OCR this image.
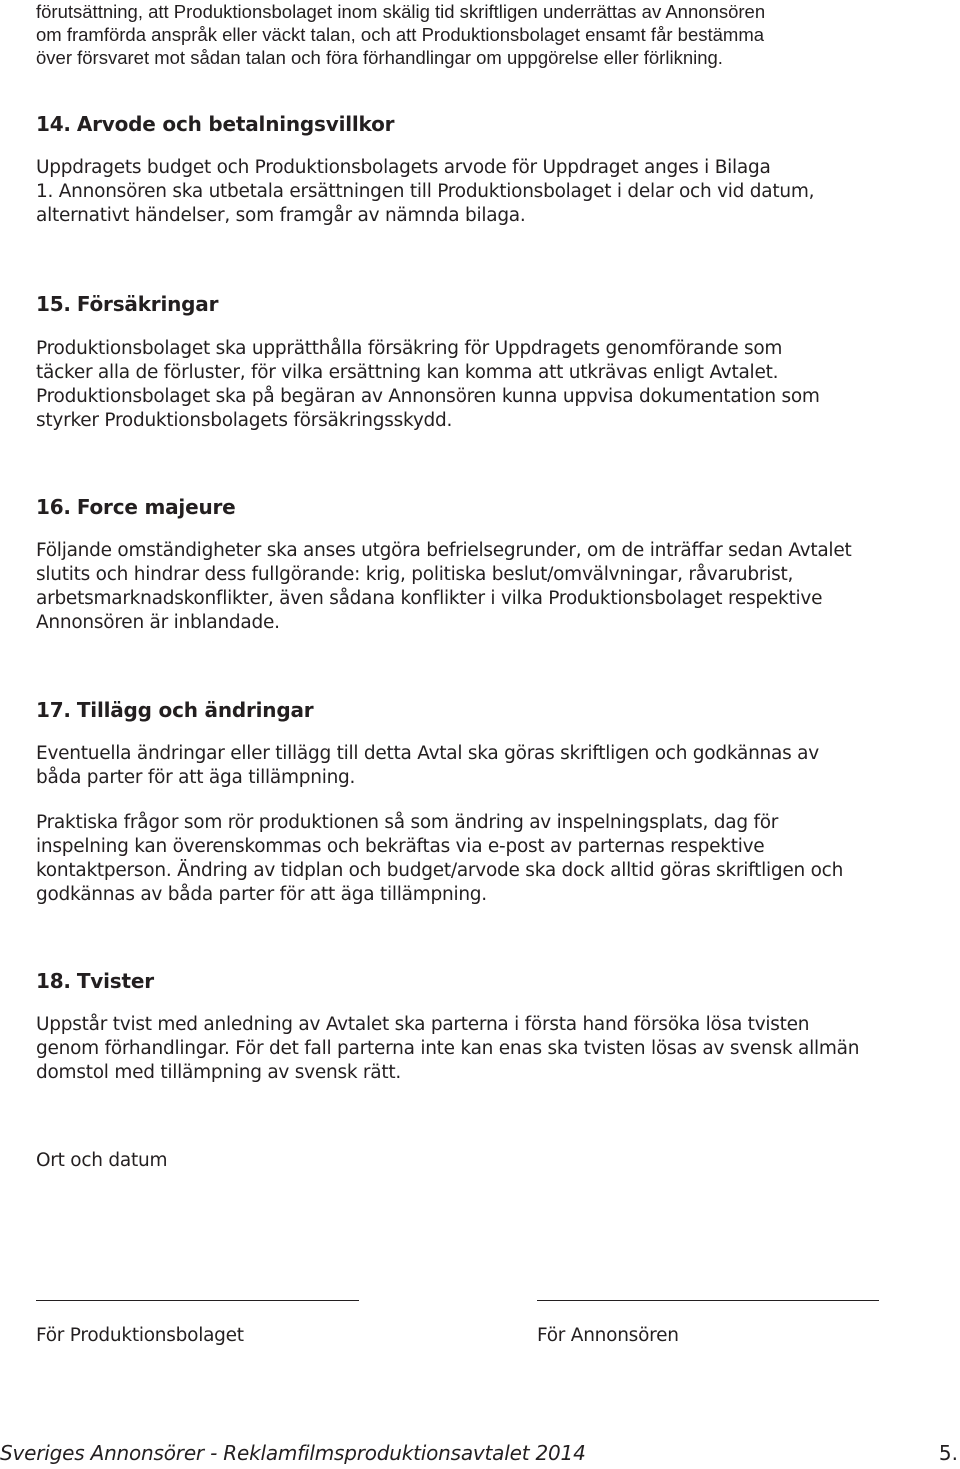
förutsättning, att Produktionsbolaget inom skälig tid skriftligen underrättas av Annonsören
om framförda anspråk eller väckt talan, och att Produktionsbolaget ensamt får bestämma
över försvaret mot sådan talan och föra förhandlingar om uppgörelse eller förlikning.
14. Arvode och betalningsvillkor
Uppdragets budget och Produktionsbolagets arvode för Uppdraget anges i Bilaga
1. Annonsören ska utbetala ersättningen till Produktionsbolaget i delar och vid datum,
alternativt händelser, som framgår av nämnda bilaga.
15. Försäkringar
Produktionsbolaget ska upprätthålla försäkring för Uppdragets genomförande som
täcker alla de förluster, för vilka ersättning kan komma att utkrävas enligt Avtalet.
Produktionsbolaget ska på begäran av Annonsören kunna uppvisa dokumentation som
styrker Produktionsbolagets försäkringsskydd.
16. Force majeure
Följande omständigheter ska anses utgöra befrielsegrunder, om de inträffar sedan Avtalet
slutits och hindrar dess fullgörande: krig, politiska beslut/omvälvningar, råvarubrist,
arbetsmarknadskonflikter, även sådana konflikter i vilka Produktionsbolaget respektive
Annonsören är inblandade.
17. Tillägg och ändringar
Eventuella ändringar eller tillägg till detta Avtal ska göras skriftligen och godkännas av
båda parter för att äga tillämpning.
Praktiska frågor som rör produktionen så som ändring av inspelningsplats, dag för
inspelning kan överenskommas och bekräftas via e-post av parternas respektive
kontaktperson. Ändring av tidplan och budget/arvode ska dock alltid göras skriftligen och
godkännas av båda parter för att äga tillämpning.
18. Tvister
Uppstår tvist med anledning av Avtalet ska parterna i första hand försöka lösa tvisten
genom förhandlingar. För det fall parterna inte kan enas ska tvisten lösas av svensk allmän
domstol med tillämpning av svensk rätt.
Ort och datum
För Produktionsbolaget	För Annonsören
Sveriges Annonsörer - Reklamfilmsproduktionsavtalet 2014	5.
